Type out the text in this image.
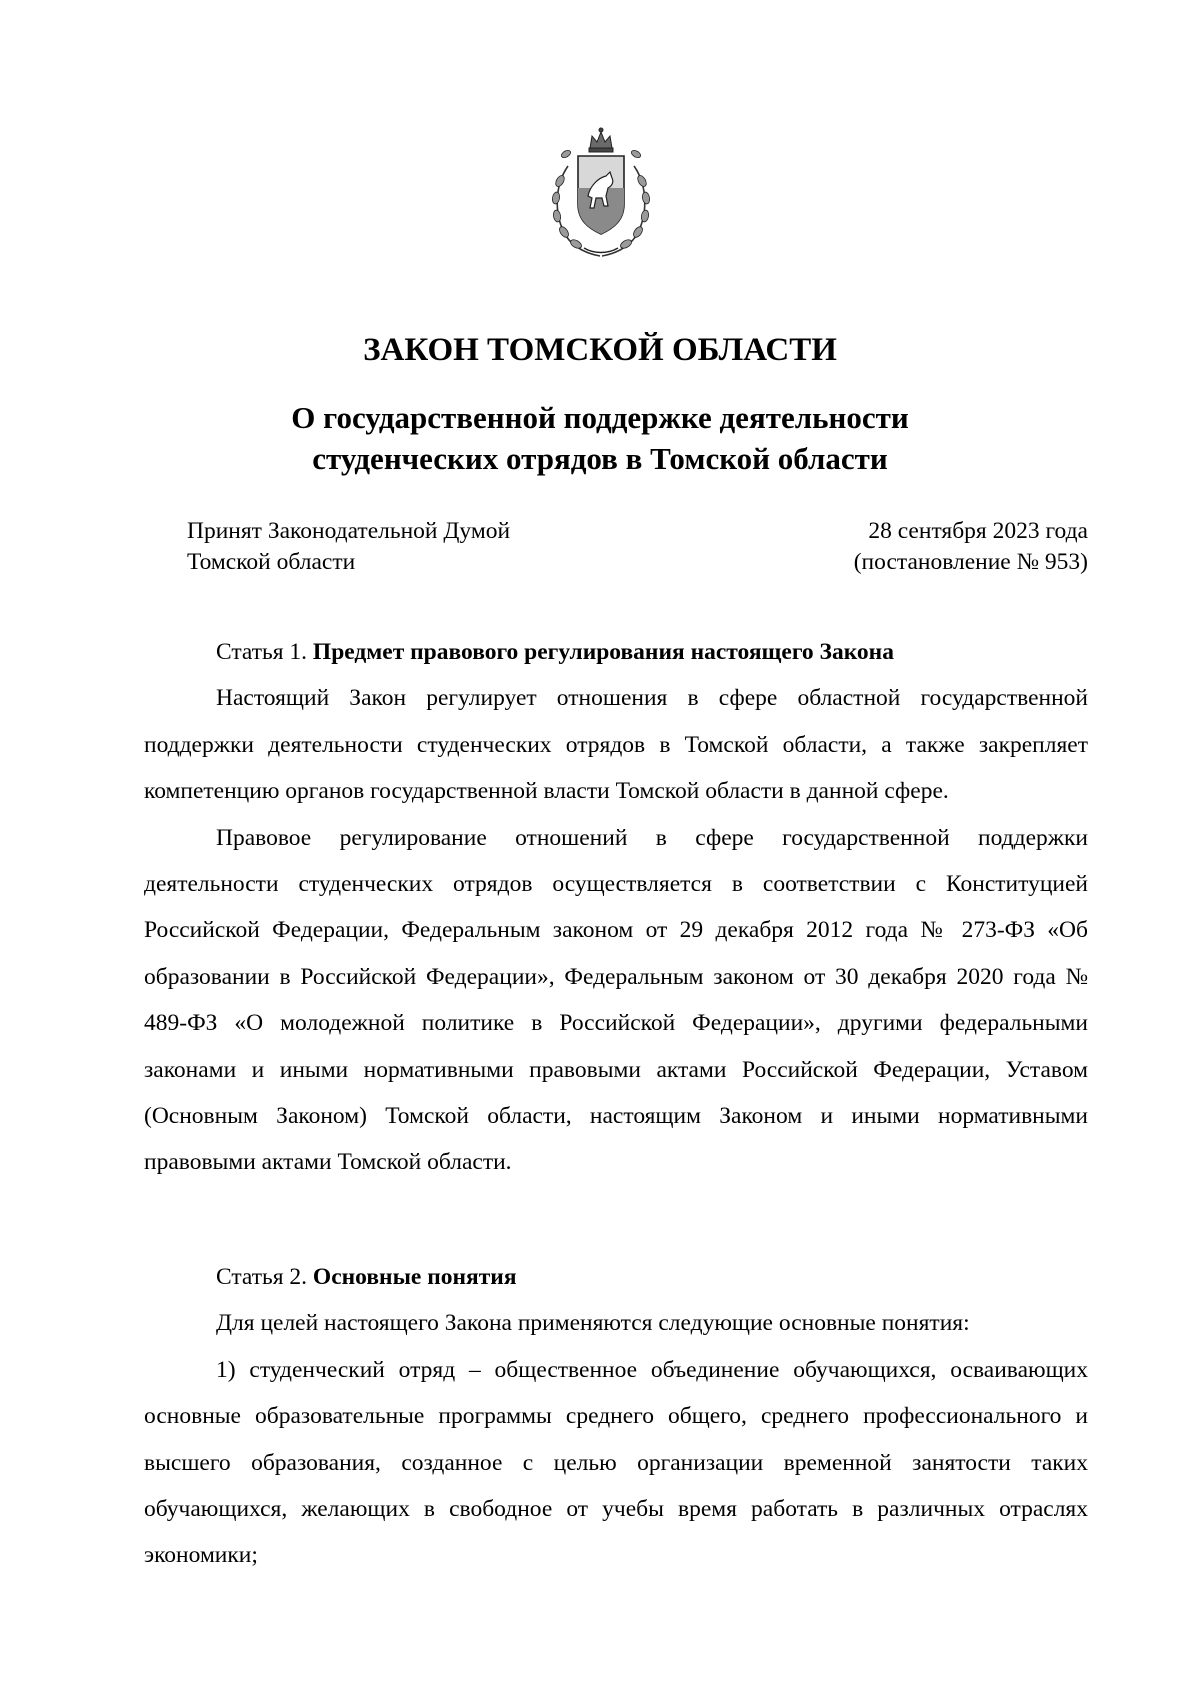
ЗАКОН ТОМСКОЙ ОБЛАСТИ
О государственной поддержке деятельности
студенческих отрядов в Томской области
Принят Законодательной Думой
Томской области
28 сентября 2023 года
(постановление № 953)

Статья 1. Предмет правового регулирования настоящего Закона

Настоящий Закон регулирует отношения в сфере областной государственной поддержки деятельности студенческих отрядов в Томской области, а также закрепляет компетенцию органов государственной власти Томской области в данной сфере.

Правовое регулирование отношений в сфере государственной поддержки деятельности студенческих отрядов осуществляется в соответствии с Конституцией Российской Федерации, Федеральным законом от 29 декабря 2012 года № 273-ФЗ «Об образовании в Российской Федерации», Федеральным законом от 30 декабря 2020 года № 489-ФЗ «О молодежной политике в Российской Федерации», другими федеральными законами и иными нормативными правовыми актами Российской Федерации, Уставом (Основным Законом) Томской области, настоящим Законом и иными нормативными правовыми актами Томской области.

Статья 2. Основные понятия

Для целей настоящего Закона применяются следующие основные понятия:

1) студенческий отряд – общественное объединение обучающихся, осваивающих основные образовательные программы среднего общего, среднего профессионального и высшего образования, созданное с целью организации временной занятости таких обучающихся, желающих в свободное от учебы время работать в различных отраслях экономики;
